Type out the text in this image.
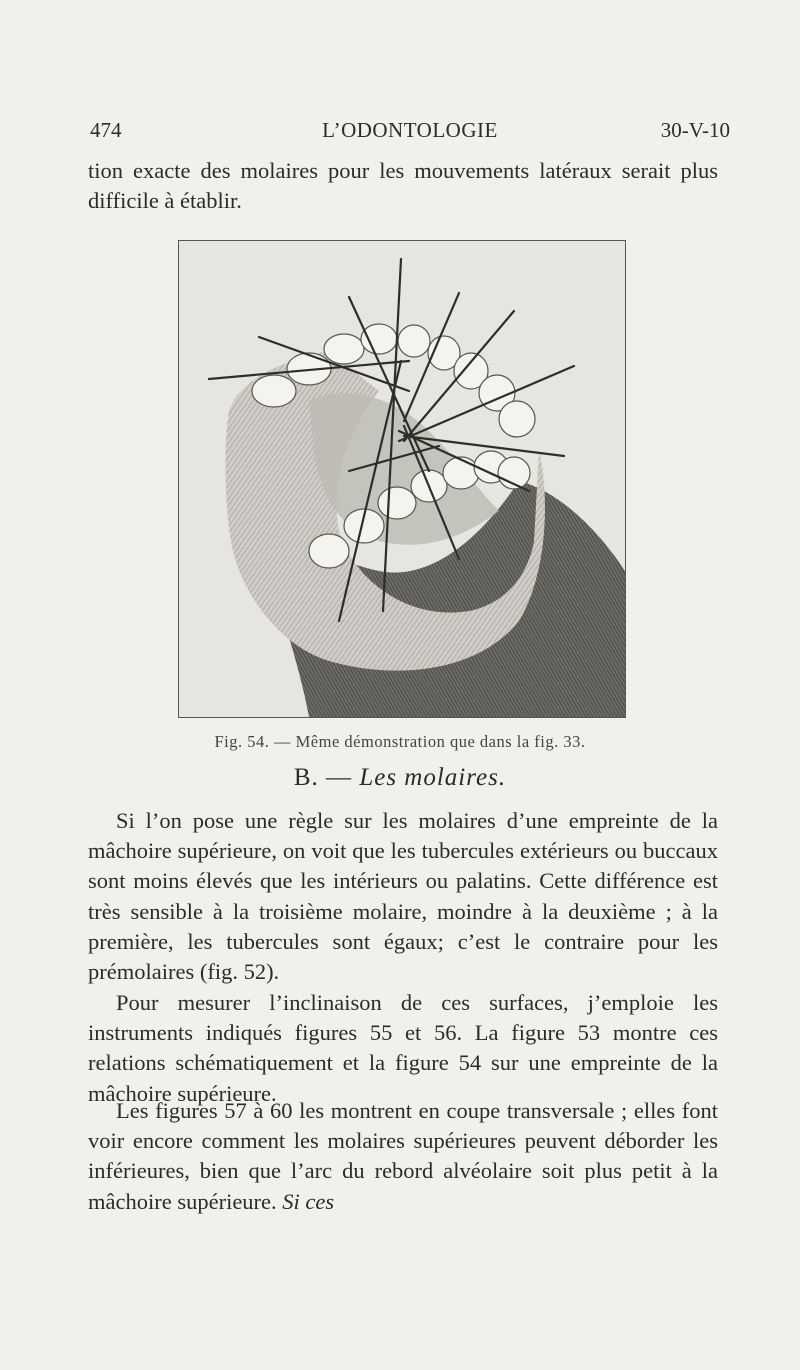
474	L’ODONTOLOGIE	30-V-10

tion exacte des molaires pour les mouvements latéraux serait plus difficile à établir.

Fig. 54. — Même démonstration que dans la fig. 33.
B. — Les molaires.

Si l’on pose une règle sur les molaires d’une empreinte de la mâchoire supérieure, on voit que les tubercules extérieurs ou buccaux sont moins élevés que les intérieurs ou palatins. Cette différence est très sensible à la troisième molaire, moindre à la deuxième ; à la première, les tubercules sont égaux; c’est le contraire pour les prémolaires (fig. 52).

Pour mesurer l’inclinaison de ces surfaces, j’emploie les instruments indiqués figures 55 et 56. La figure 53 montre ces relations schématiquement et la figure 54 sur une empreinte de la mâchoire supérieure.

Les figures 57 à 60 les montrent en coupe transversale ; elles font voir encore comment les molaires supérieures peuvent déborder les inférieures, bien que l’arc du rebord alvéolaire soit plus petit à la mâchoire supérieure. Si ces
